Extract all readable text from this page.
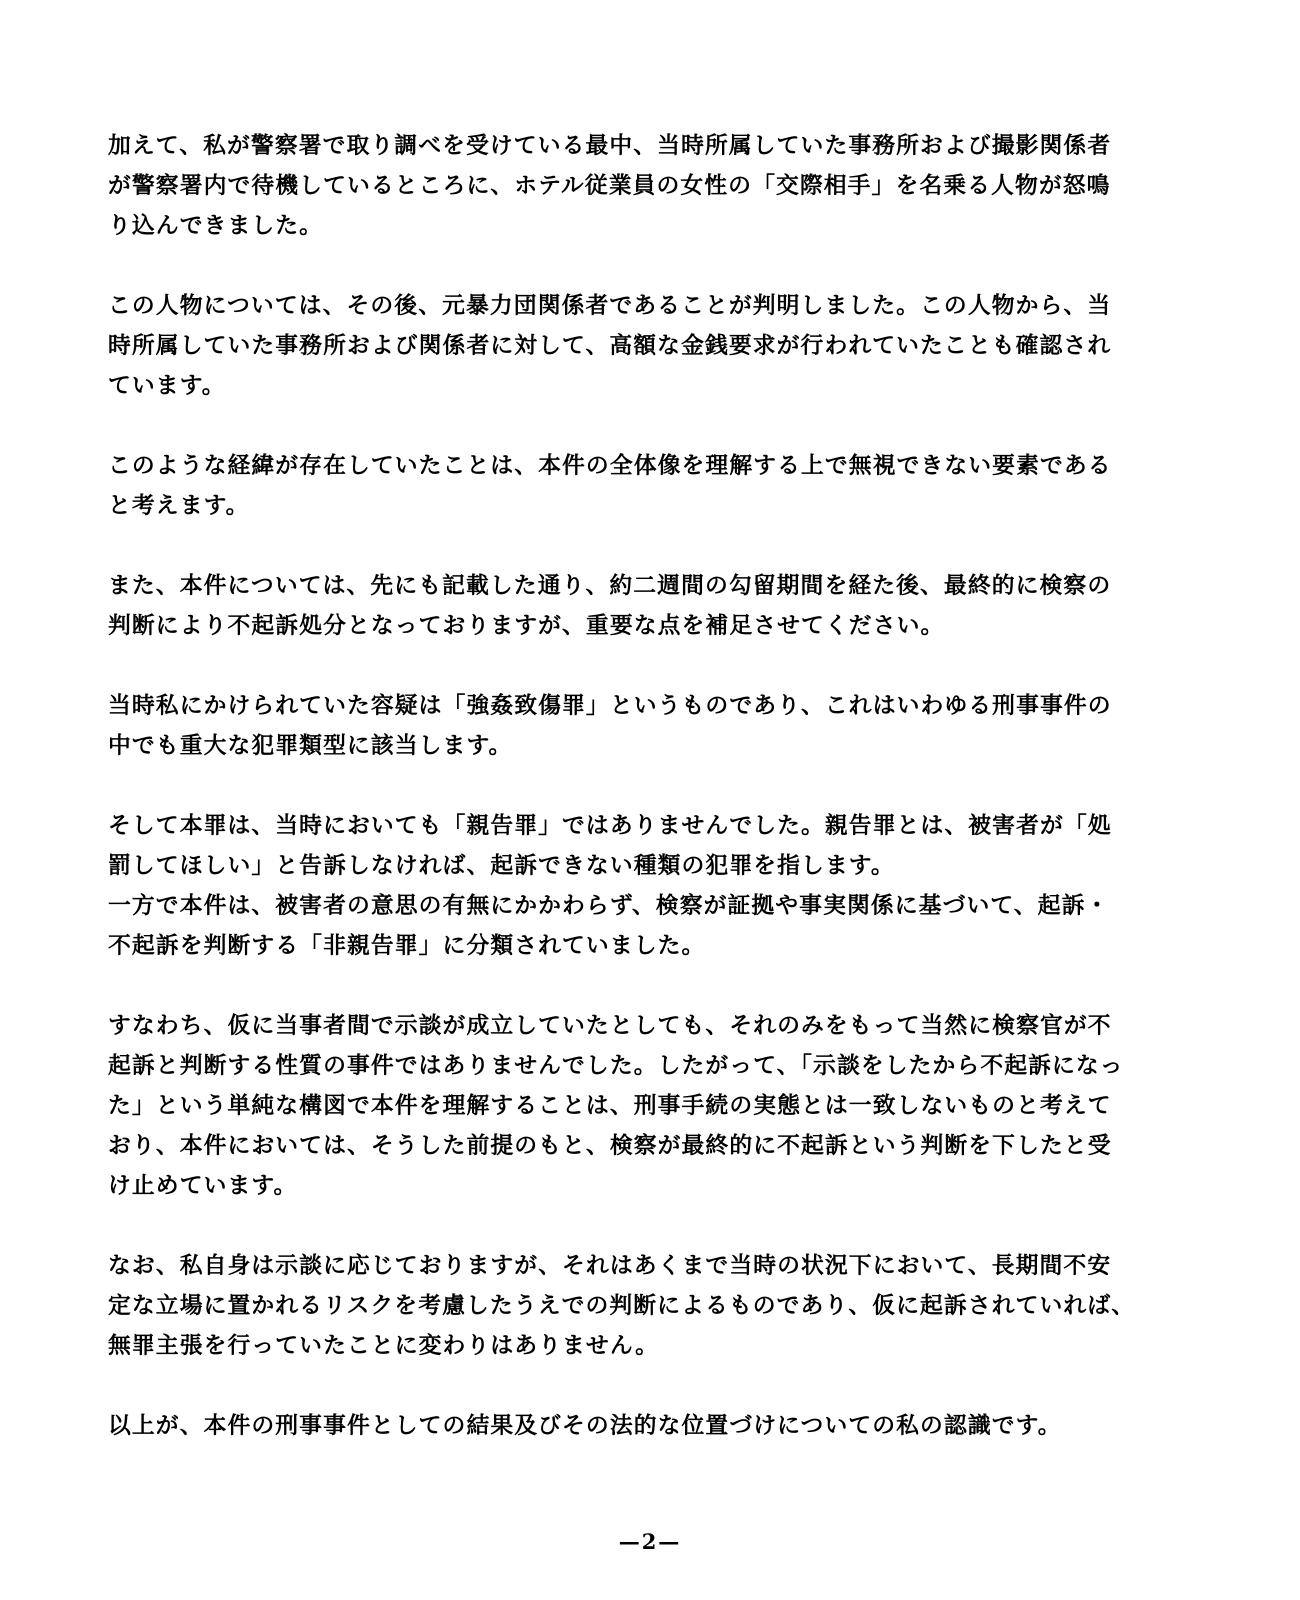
加えて、私が警察署で取り調べを受けている最中、当時所属していた事務所および撮影関係者
が警察署内で待機しているところに、ホテル従業員の女性の「交際相手」を名乗る人物が怒鳴
り込んできました。

この人物については、その後、元暴力団関係者であることが判明しました。この人物から、当
時所属していた事務所および関係者に対して、高額な金銭要求が行われていたことも確認され
ています。

このような経緯が存在していたことは、本件の全体像を理解する上で無視できない要素である
と考えます。

また、本件については、先にも記載した通り、約二週間の勾留期間を経た後、最終的に検察の
判断により不起訴処分となっておりますが、重要な点を補足させてください。

当時私にかけられていた容疑は「強姦致傷罪」というものであり、これはいわゆる刑事事件の
中でも重大な犯罪類型に該当します。

そして本罪は、当時においても「親告罪」ではありませんでした。親告罪とは、被害者が「処
罰してほしい」と告訴しなければ、起訴できない種類の犯罪を指します。
一方で本件は、被害者の意思の有無にかかわらず、検察が証拠や事実関係に基づいて、起訴・
不起訴を判断する「非親告罪」に分類されていました。

すなわち、仮に当事者間で示談が成立していたとしても、それのみをもって当然に検察官が不
起訴と判断する性質の事件ではありませんでした。したがって、「示談をしたから不起訴になっ
た」という単純な構図で本件を理解することは、刑事手続の実態とは一致しないものと考えて
おり、本件においては、そうした前提のもと、検察が最終的に不起訴という判断を下したと受
け止めています。

なお、私自身は示談に応じておりますが、それはあくまで当時の状況下において、長期間不安
定な立場に置かれるリスクを考慮したうえでの判断によるものであり、仮に起訴されていれば、
無罪主張を行っていたことに変わりはありません。

以上が、本件の刑事事件としての結果及びその法的な位置づけについての私の認識です。

—2—
